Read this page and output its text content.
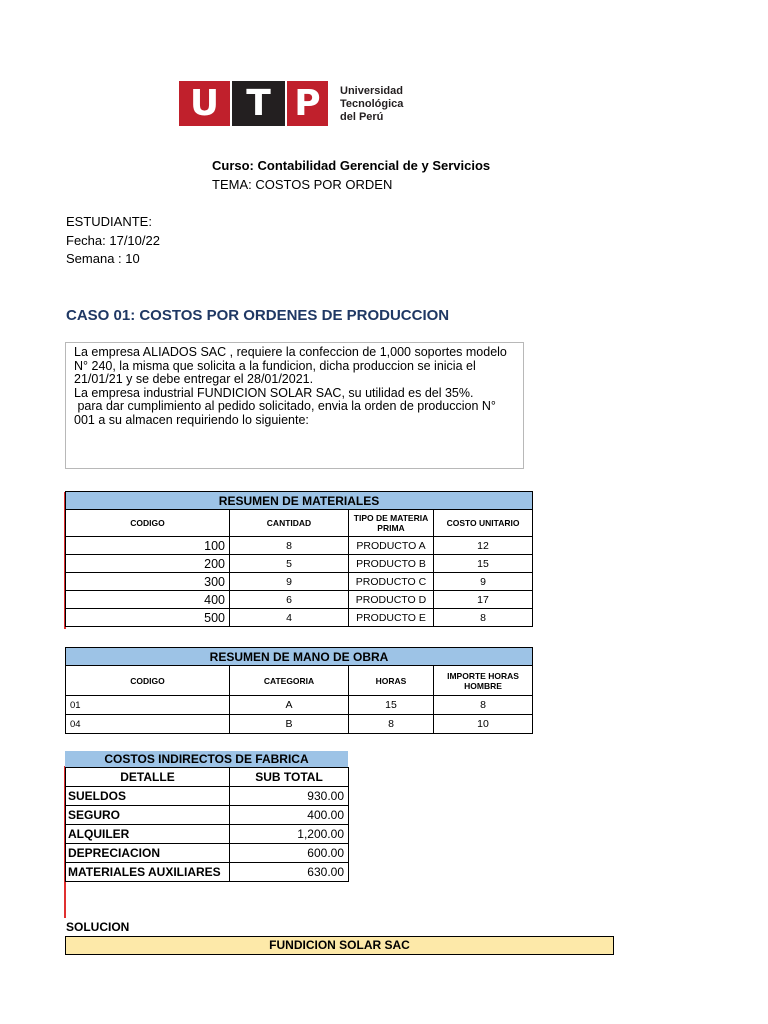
U T P	Universidad
Tecnológica
del Perú
Curso: Contabilidad Gerencial de y Servicios
TEMA: COSTOS POR ORDEN
ESTUDIANTE:
Fecha: 17/10/22
Semana : 10
CASO 01: COSTOS POR ORDENES DE PRODUCCION

La empresa ALIADOS SAC , requiere la confeccion de 1,000 soportes modelo

N° 240, la misma que solicita a la fundicion, dicha produccion se inicia el

21/01/21 y se debe entregar el 28/01/2021.

La empresa industrial FUNDICION SOLAR SAC, su utilidad es del 35%.

para dar cumplimiento al pedido solicitado, envia la orden de produccion N°

001 a su almacen requiriendo lo siguiente:

RESUMEN DE MATERIALES			
CODIGO	CANTIDAD	TIPO DE MATERIA PRIMA	COSTO UNITARIO
100	8	PRODUCTO A	12
200	5	PRODUCTO B	15
300	9	PRODUCTO C	9
400	6	PRODUCTO D	17
500	4	PRODUCTO E	8
RESUMEN DE MANO DE OBRA			
CODIGO	CATEGORIA	HORAS	IMPORTE HORAS HOMBRE
01	A	15	8
04	B	8	10
COSTOS INDIRECTOS DE FABRICA
DETALLE	SUB TOTAL
SUELDOS	930.00
SEGURO	400.00
ALQUILER	1,200.00
DEPRECIACION	600.00
MATERIALES AUXILIARES	630.00
SOLUCION
FUNDICION SOLAR SAC
